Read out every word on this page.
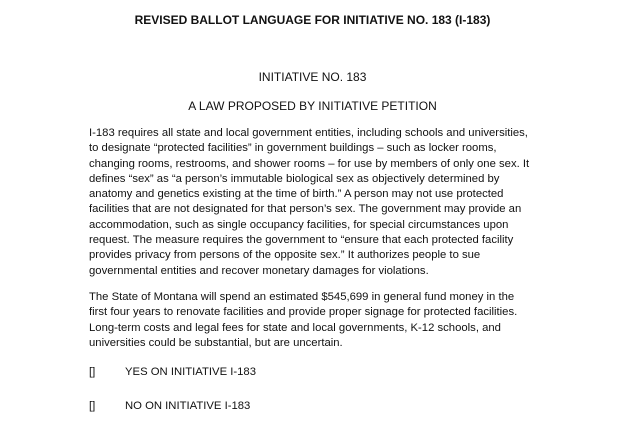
REVISED BALLOT LANGUAGE FOR INITIATIVE NO. 183 (I-183)
INITIATIVE NO. 183
A LAW PROPOSED BY INITIATIVE PETITION

I-183 requires all state and local government entities, including schools and universities,
to designate “protected facilities” in government buildings – such as locker rooms,
changing rooms, restrooms, and shower rooms – for use by members of only one sex. It
defines “sex” as “a person’s immutable biological sex as objectively determined by
anatomy and genetics existing at the time of birth.” A person may not use protected
facilities that are not designated for that person’s sex. The government may provide an
accommodation, such as single occupancy facilities, for special circumstances upon
request. The measure requires the government to “ensure that each protected facility
provides privacy from persons of the opposite sex.” It authorizes people to sue
governmental entities and recover monetary damages for violations.

The State of Montana will spend an estimated $545,699 in general fund money in the
first four years to renovate facilities and provide proper signage for protected facilities.
Long-term costs and legal fees for state and local governments, K-12 schools, and
universities could be substantial, but are uncertain.

[]	YES ON INITIATIVE I-183
[]	NO ON INITIATIVE I-183
